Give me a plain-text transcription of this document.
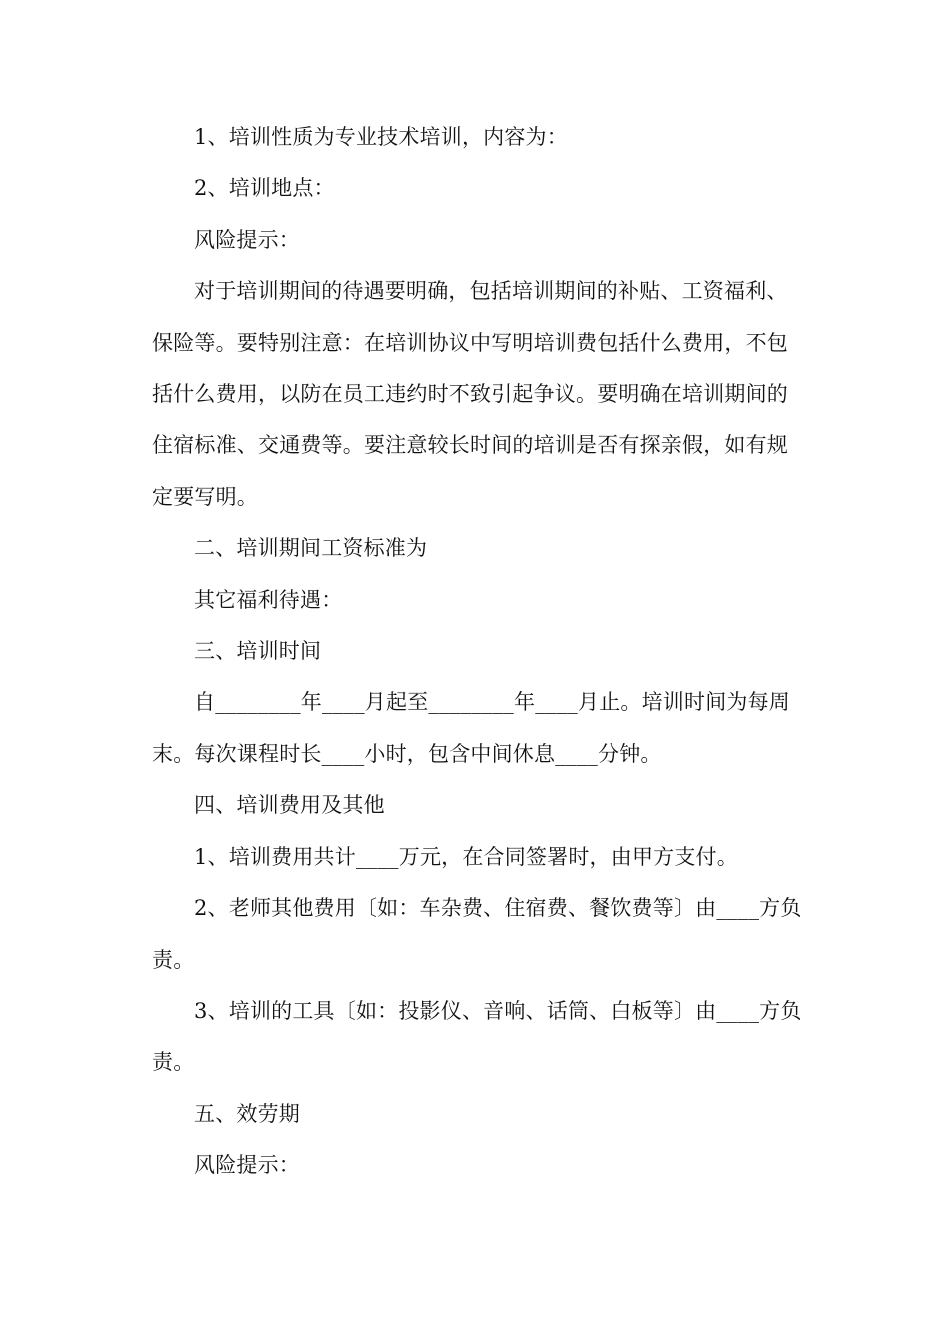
1、培训性质为专业技术培训，内容为：

2、培训地点：

风险提示：

对于培训期间的待遇要明确，包括培训期间的补贴、工资福利、保险等。要特别注意：在培训协议中写明培训费包括什么费用，不包括什么费用，以防在员工违约时不致引起争议。要明确在培训期间的住宿标准、交通费等。要注意较长时间的培训是否有探亲假，如有规定要写明。

二、培训期间工资标准为

其它福利待遇：

三、培训时间

自________年____月起至________年____月止。培训时间为每周末。每次课程时长____小时，包含中间休息____分钟。

四、培训费用及其他

1、培训费用共计____万元，在合同签署时，由甲方支付。

2、老师其他费用〔如：车杂费、住宿费、餐饮费等〕由____方负责。

3、培训的工具〔如：投影仪、音响、话筒、白板等〕由____方负责。

五、效劳期

风险提示：
